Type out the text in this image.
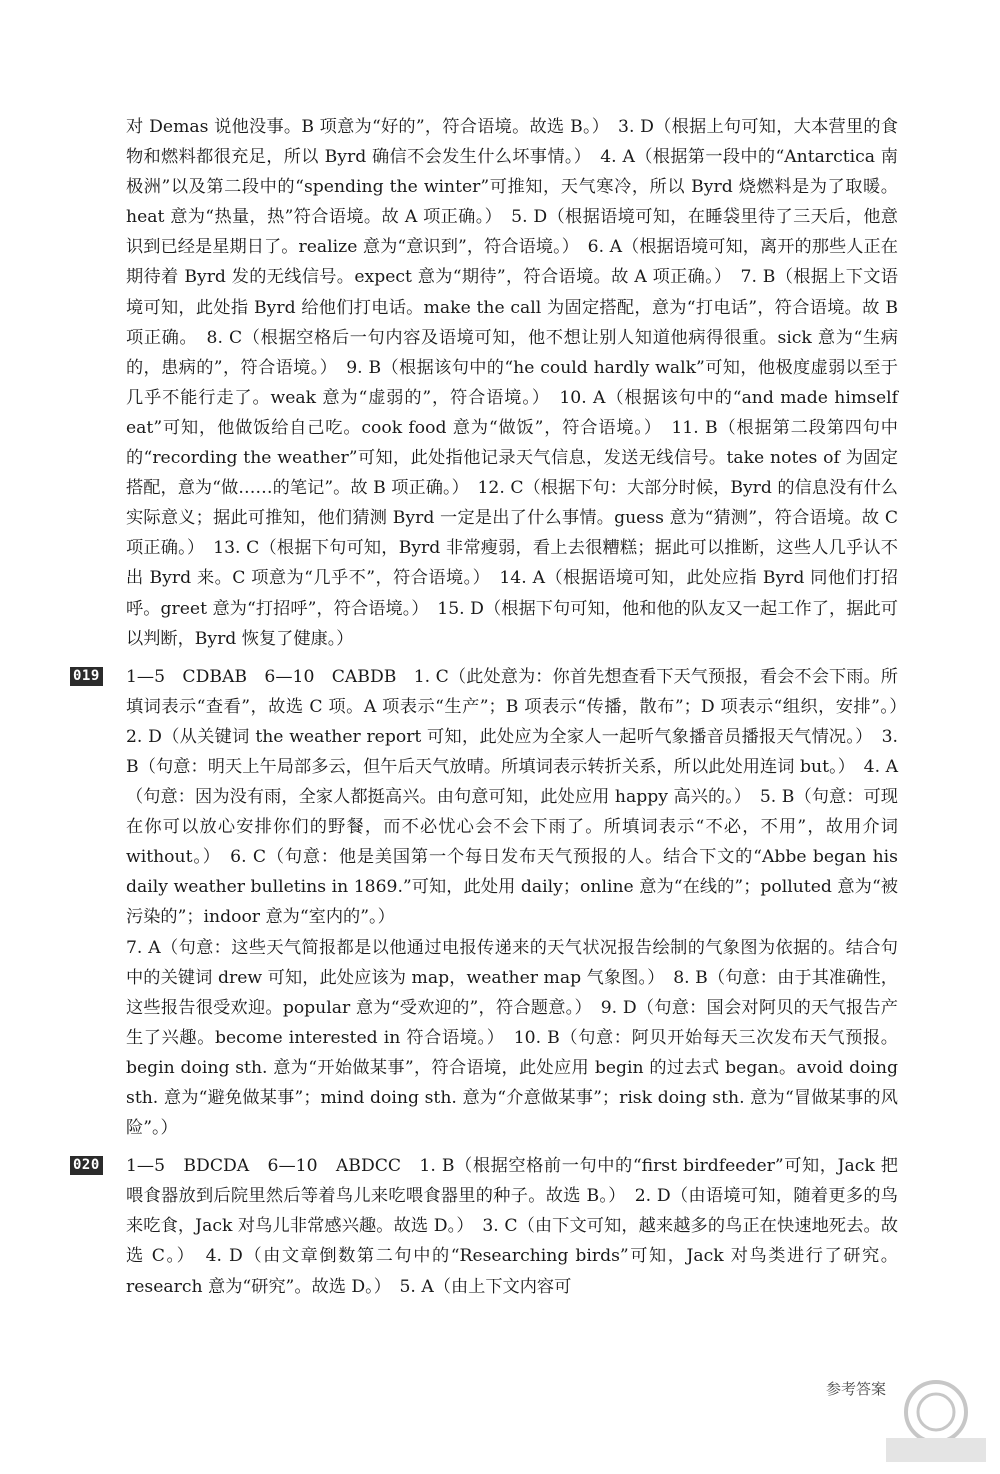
对 Demas 说他没事。B 项意为“好的”，符合语境。故选 B。）　3. D（根据上句可知，大本营里的食物和燃料都很充足，所以 Byrd 确信不会发生什么坏事情。）　4. A（根据第一段中的“Antarctica 南极洲”以及第二段中的“spending the winter”可推知，天气寒冷，所以 Byrd 烧燃料是为了取暖。heat 意为“热量，热”符合语境。故 A 项正确。）　5. D（根据语境可知，在睡袋里待了三天后，他意识到已经是星期日了。realize 意为“意识到”，符合语境。）　6. A（根据语境可知，离开的那些人正在期待着 Byrd 发的无线信号。expect 意为“期待”，符合语境。故 A 项正确。）　7. B（根据上下文语境可知，此处指 Byrd 给他们打电话。make the call 为固定搭配，意为“打电话”，符合语境。故 B 项正确。　8. C（根据空格后一句内容及语境可知，他不想让别人知道他病得很重。sick 意为“生病的，患病的”，符合语境。）　9. B（根据该句中的“he could hardly walk”可知，他极度虚弱以至于几乎不能行走了。weak 意为“虚弱的”，符合语境。）　10. A（根据该句中的“and made himself eat”可知，他做饭给自己吃。cook food 意为“做饭”，符合语境。）　11. B（根据第二段第四句中的“recording the weather”可知，此处指他记录天气信息，发送无线信号。take notes of 为固定搭配，意为“做……的笔记”。故 B 项正确。）　12. C（根据下句：大部分时候，Byrd 的信息没有什么实际意义；据此可推知，他们猜测 Byrd 一定是出了什么事情。guess 意为“猜测”，符合语境。故 C 项正确。）　13. C（根据下句可知，Byrd 非常瘦弱，看上去很糟糕；据此可以推断，这些人几乎认不出 Byrd 来。C 项意为“几乎不”，符合语境。）　14. A（根据语境可知，此处应指 Byrd 同他们打招呼。greet 意为“打招呼”，符合语境。）　15. D（根据下句可知，他和他的队友又一起工作了，据此可以判断，Byrd 恢复了健康。）

019 1—5　CDBAB　6—10　CABDB　1. C（此处意为：你首先想查看下天气预报，看会不会下雨。所填词表示“查看”，故选 C 项。A 项表示“生产”；B 项表示“传播，散布”；D 项表示“组织，安排”。）　2. D（从关键词 the weather report 可知，此处应为全家人一起听气象播音员播报天气情况。）　3. B（句意：明天上午局部多云，但午后天气放晴。所填词表示转折关系，所以此处用连词 but。）　4. A（句意：因为没有雨，全家人都挺高兴。由句意可知，此处应用 happy 高兴的。）　5. B（句意：可现在你可以放心安排你们的野餐，而不必忧心会不会下雨了。所填词表示“不必，不用”，故用介词 without。）　6. C（句意：他是美国第一个每日发布天气预报的人。结合下文的“Abbe began his daily weather bulletins in 1869.”可知，此处用 daily；online 意为“在线的”；polluted 意为“被污染的”；indoor 意为“室内的”。）

7. A（句意：这些天气简报都是以他通过电报传递来的天气状况报告绘制的气象图为依据的。结合句中的关键词 drew 可知，此处应该为 map，weather map 气象图。）　8. B（句意：由于其准确性，这些报告很受欢迎。popular 意为“受欢迎的”，符合题意。）　9. D（句意：国会对阿贝的天气报告产生了兴趣。become interested in 符合语境。）　10. B（句意：阿贝开始每天三次发布天气预报。begin doing sth. 意为“开始做某事”，符合语境，此处应用 begin 的过去式 began。avoid doing sth. 意为“避免做某事”；mind doing sth. 意为“介意做某事”；risk doing sth. 意为“冒做某事的风险”。）

020 1—5　BDCDA　6—10　ABDCC　1. B（根据空格前一句中的“first birdfeeder”可知，Jack 把喂食器放到后院里然后等着鸟儿来吃喂食器里的种子。故选 B。）　2. D（由语境可知，随着更多的鸟来吃食，Jack 对鸟儿非常感兴趣。故选 D。）　3. C（由下文可知，越来越多的鸟正在快速地死去。故选 C。）　4. D（由文章倒数第二句中的“Researching birds”可知，Jack 对鸟类进行了研究。research 意为“研究”。故选 D。）　5. A（由上下文内容可

参考答案
